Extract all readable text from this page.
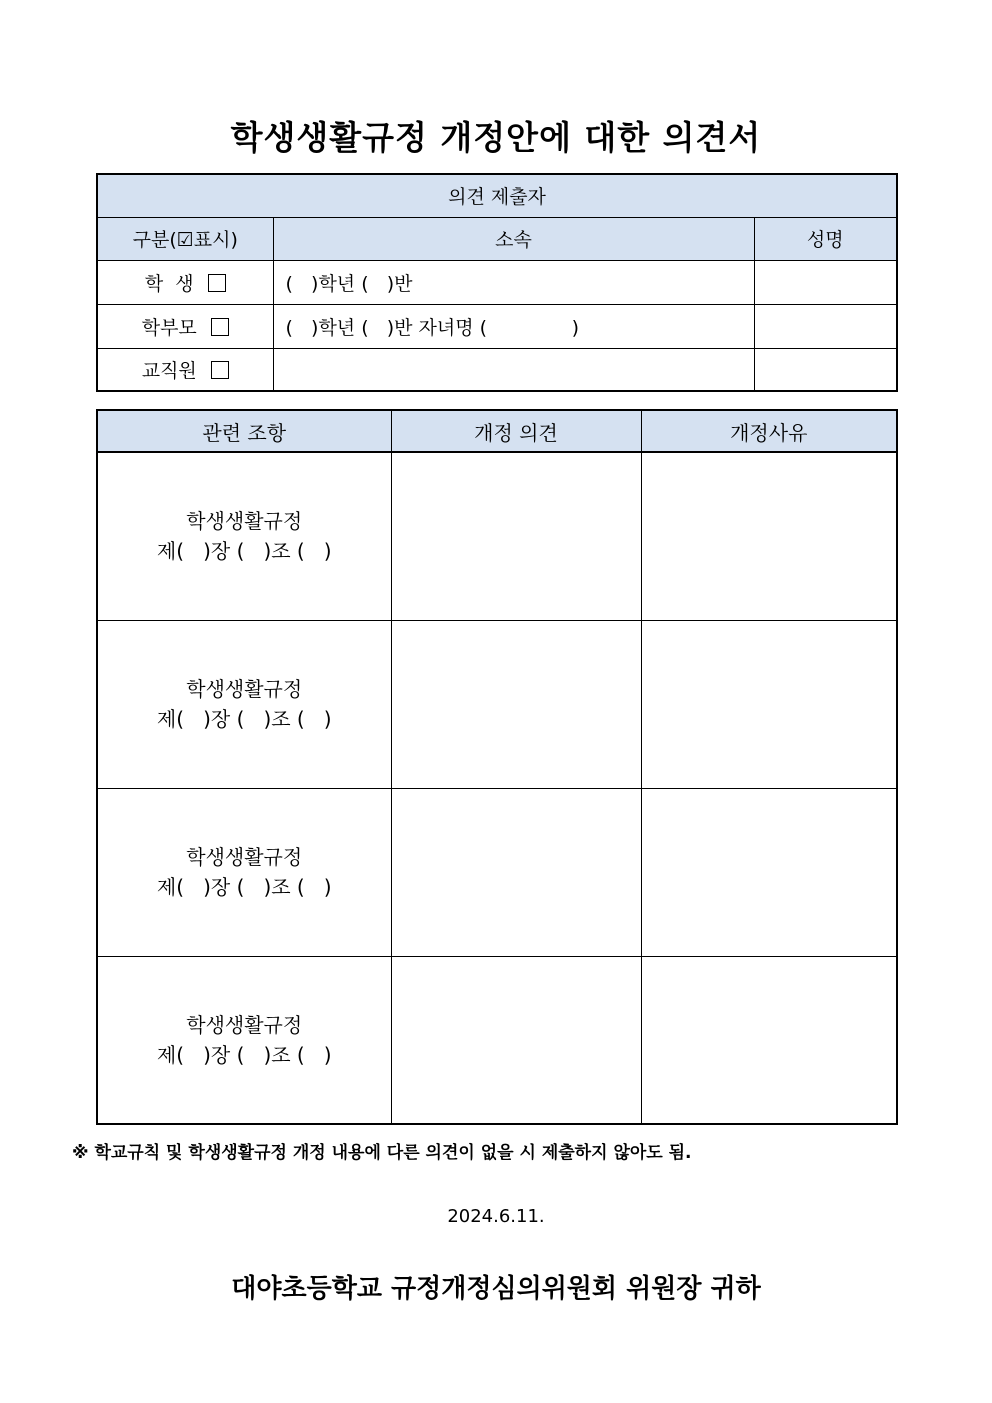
학생생활규정 개정안에 대한 의견서
의견 제출자		
구분(☑표시)	소속	성명
학  생	(   )학년 (   )반	
학부모	(   )학년 (   )반 자녀명 (              )	
교직원		
관련 조항	개정 의견	개정사유

학생생활규정
제(   )장 (   )조 (   )		

학생생활규정
제(   )장 (   )조 (   )		

학생생활규정
제(   )장 (   )조 (   )		

학생생활규정
제(   )장 (   )조 (   )		

※ 학교규칙 및 학생생활규정 개정 내용에 다른 의견이 없을 시 제출하지 않아도 됨.
2024.6.11.
대야초등학교 규정개정심의위원회 위원장 귀하
